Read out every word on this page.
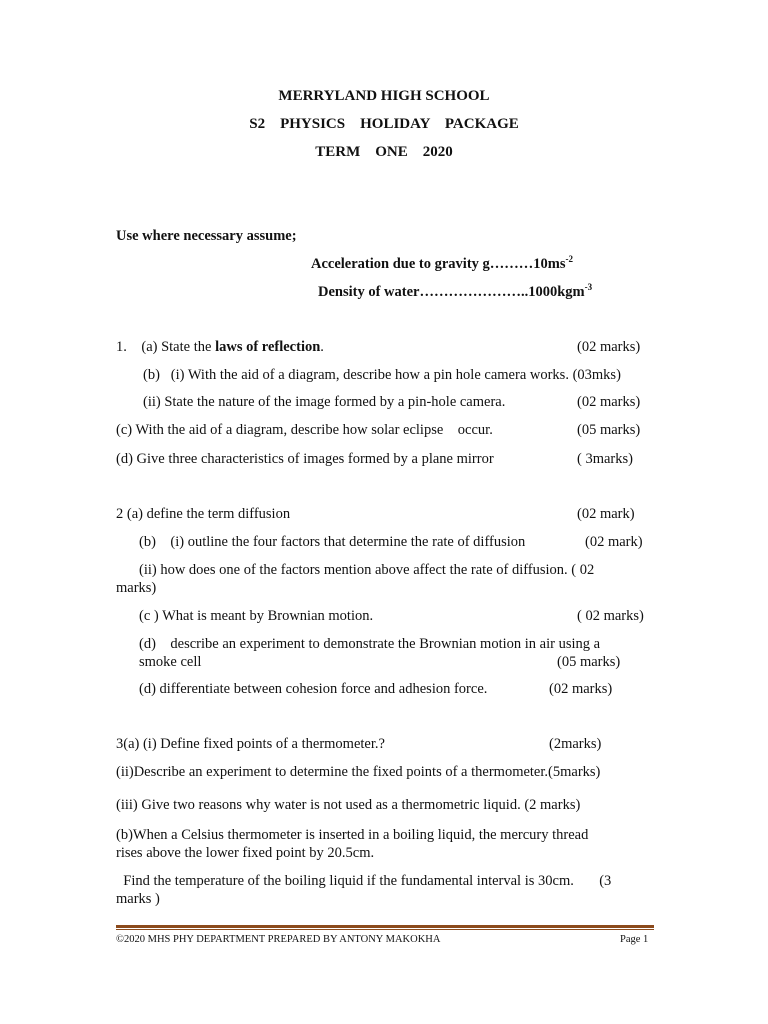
MERRYLAND HIGH SCHOOL
S2    PHYSICS    HOLIDAY    PACKAGE
TERM    ONE    2020
Use where necessary assume;
Acceleration due to gravity $g\dots\dots\dots 10ms^{-2}$
Density of water…………………..1000kgm$^{-3}$
1.    (a) State the laws of reflection.	(02 marks)
(b)   (i) With the aid of a diagram, describe how a pin hole camera works. (03mks)
(ii) State the nature of the image formed by a pin-hole camera.	(02 marks)
(c) With the aid of a diagram, describe how solar eclipse    occur.	(05 marks)
(d) Give three characteristics of images formed by a plane mirror	( 3marks)
2 (a) define the term diffusion	(02 mark)
(b)    (i) outline the four factors that determine the rate of diffusion	(02 mark)
(ii) how does one of the factors mention above affect the rate of diffusion. ( 02
marks)
(c ) What is meant by Brownian motion.	( 02 marks)
(d)    describe an experiment to demonstrate the Brownian motion in air using a
smoke cell	(05 marks)
(d) differentiate between cohesion force and adhesion force.	(02 marks)
3(a) (i) Define fixed points of a thermometer.?	(2marks)
(ii)Describe an experiment to determine the fixed points of a thermometer.(5marks)
(iii) Give two reasons why water is not used as a thermometric liquid. (2 marks)
(b)When a Celsius thermometer is inserted in a boiling liquid, the mercury thread
rises above the lower fixed point by 20.5cm.
Find the temperature of the boiling liquid if the fundamental interval is 30cm.       (3
marks )
©2020 MHS PHY DEPARTMENT PREPARED BY ANTONY MAKOKHA	Page 1
